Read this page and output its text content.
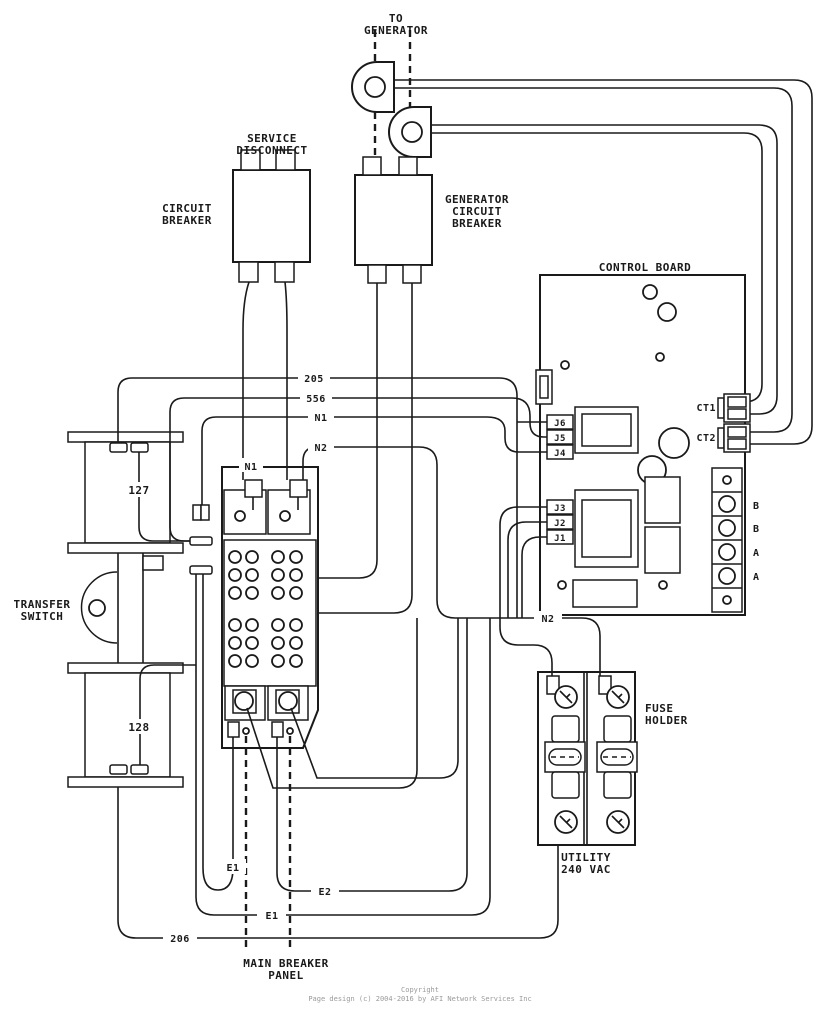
TO
GENERATOR
SERVICE
DISCONNECT
CIRCUIT
BREAKER
GENERATOR
CIRCUIT
BREAKER
CONTROL BOARD
CT1
CT2
J6
J5
J4
J3
J2
J1
B
B
A
A
TRANSFER
SWITCH
127
128
205
556
N1
N2
N1
N2
E1
E2
E1
206
FUSE
HOLDER
UTILITY
240 VAC
MAIN BREAKER
PANEL
Copyright
Page design (c) 2004-2016 by AFI Network Services Inc
